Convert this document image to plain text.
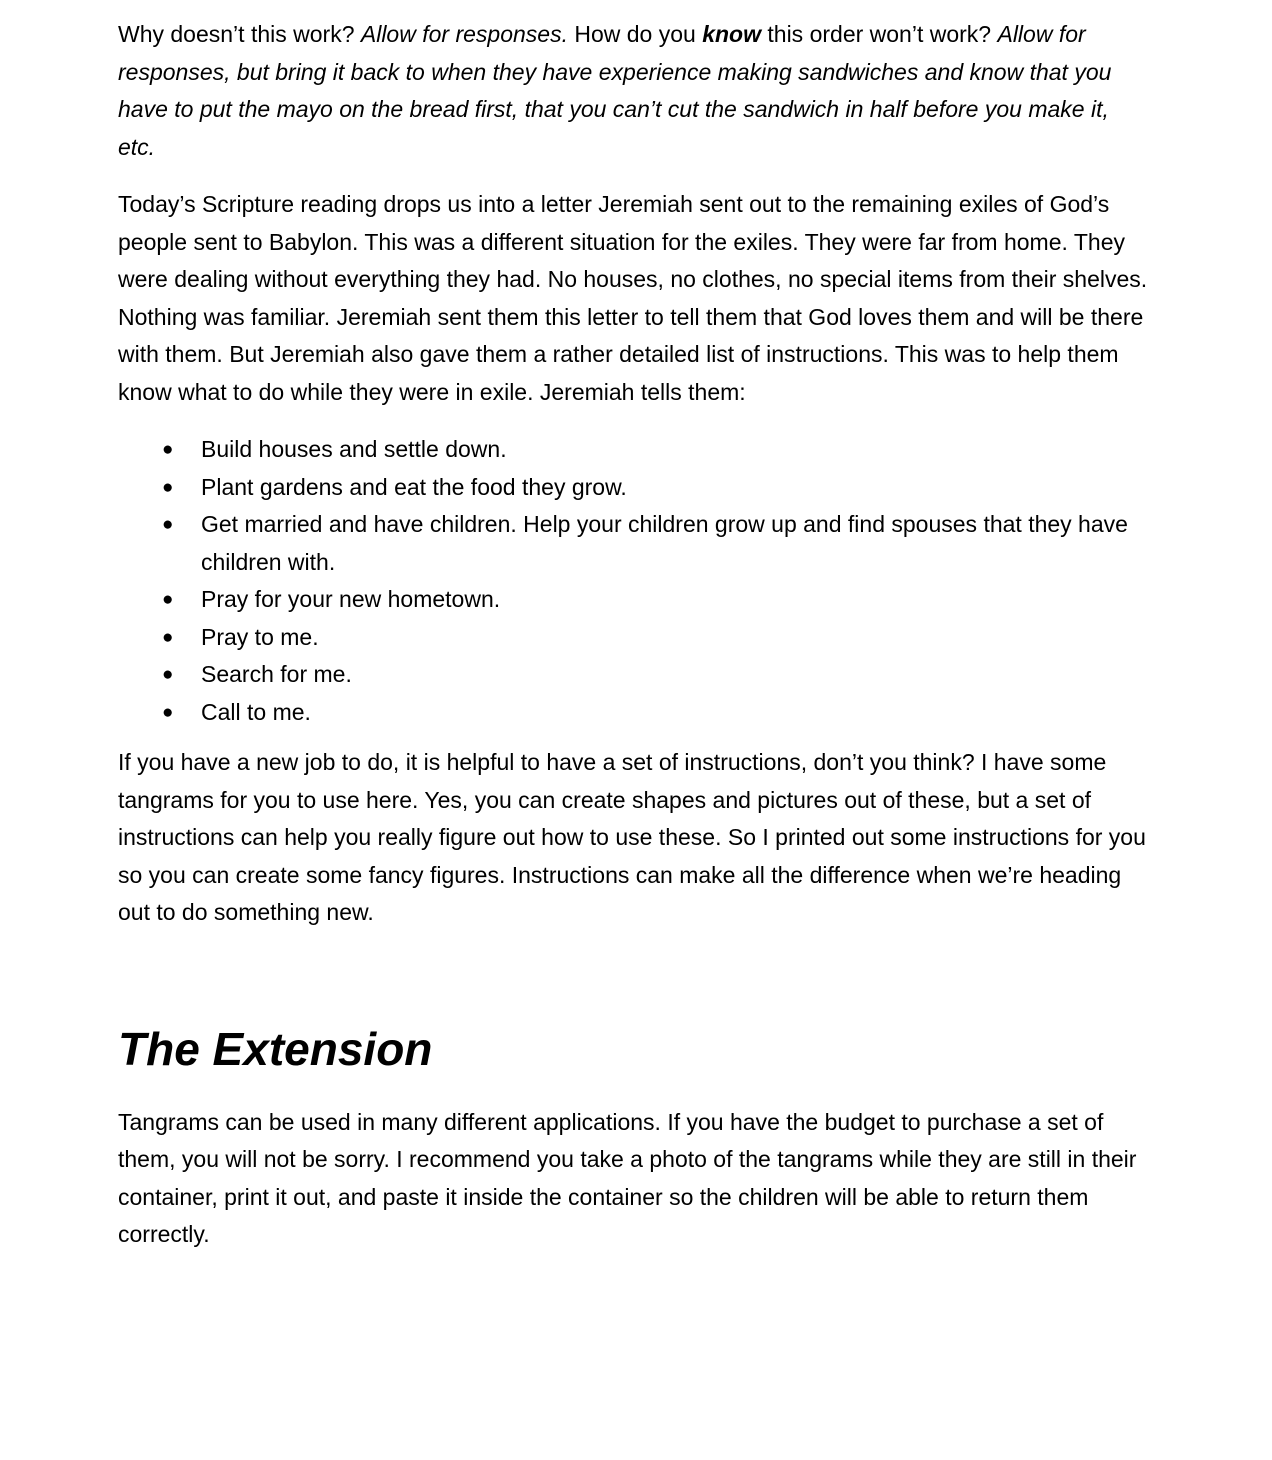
Why doesn’t this work? Allow for responses. How do you know this order won’t work? Allow for responses, but bring it back to when they have experience making sandwiches and know that you have to put the mayo on the bread first, that you can’t cut the sandwich in half before you make it, etc.

Today’s Scripture reading drops us into a letter Jeremiah sent out to the remaining exiles of God’s people sent to Babylon. This was a different situation for the exiles. They were far from home. They were dealing without everything they had. No houses, no clothes, no special items from their shelves. Nothing was familiar. Jeremiah sent them this letter to tell them that God loves them and will be there with them. But Jeremiah also gave them a rather detailed list of instructions. This was to help them know what to do while they were in exile. Jeremiah tells them:

● Build houses and settle down.
● Plant gardens and eat the food they grow.
● Get married and have children. Help your children grow up and find spouses that they have children with.
● Pray for your new hometown.
● Pray to me.
● Search for me.
● Call to me.

If you have a new job to do, it is helpful to have a set of instructions, don’t you think? I have some tangrams for you to use here. Yes, you can create shapes and pictures out of these, but a set of instructions can help you really figure out how to use these. So I printed out some instructions for you so you can create some fancy figures. Instructions can make all the difference when we’re heading out to do something new.

The Extension

Tangrams can be used in many different applications. If you have the budget to purchase a set of them, you will not be sorry. I recommend you take a photo of the tangrams while they are still in their container, print it out, and paste it inside the container so the children will be able to return them correctly.
